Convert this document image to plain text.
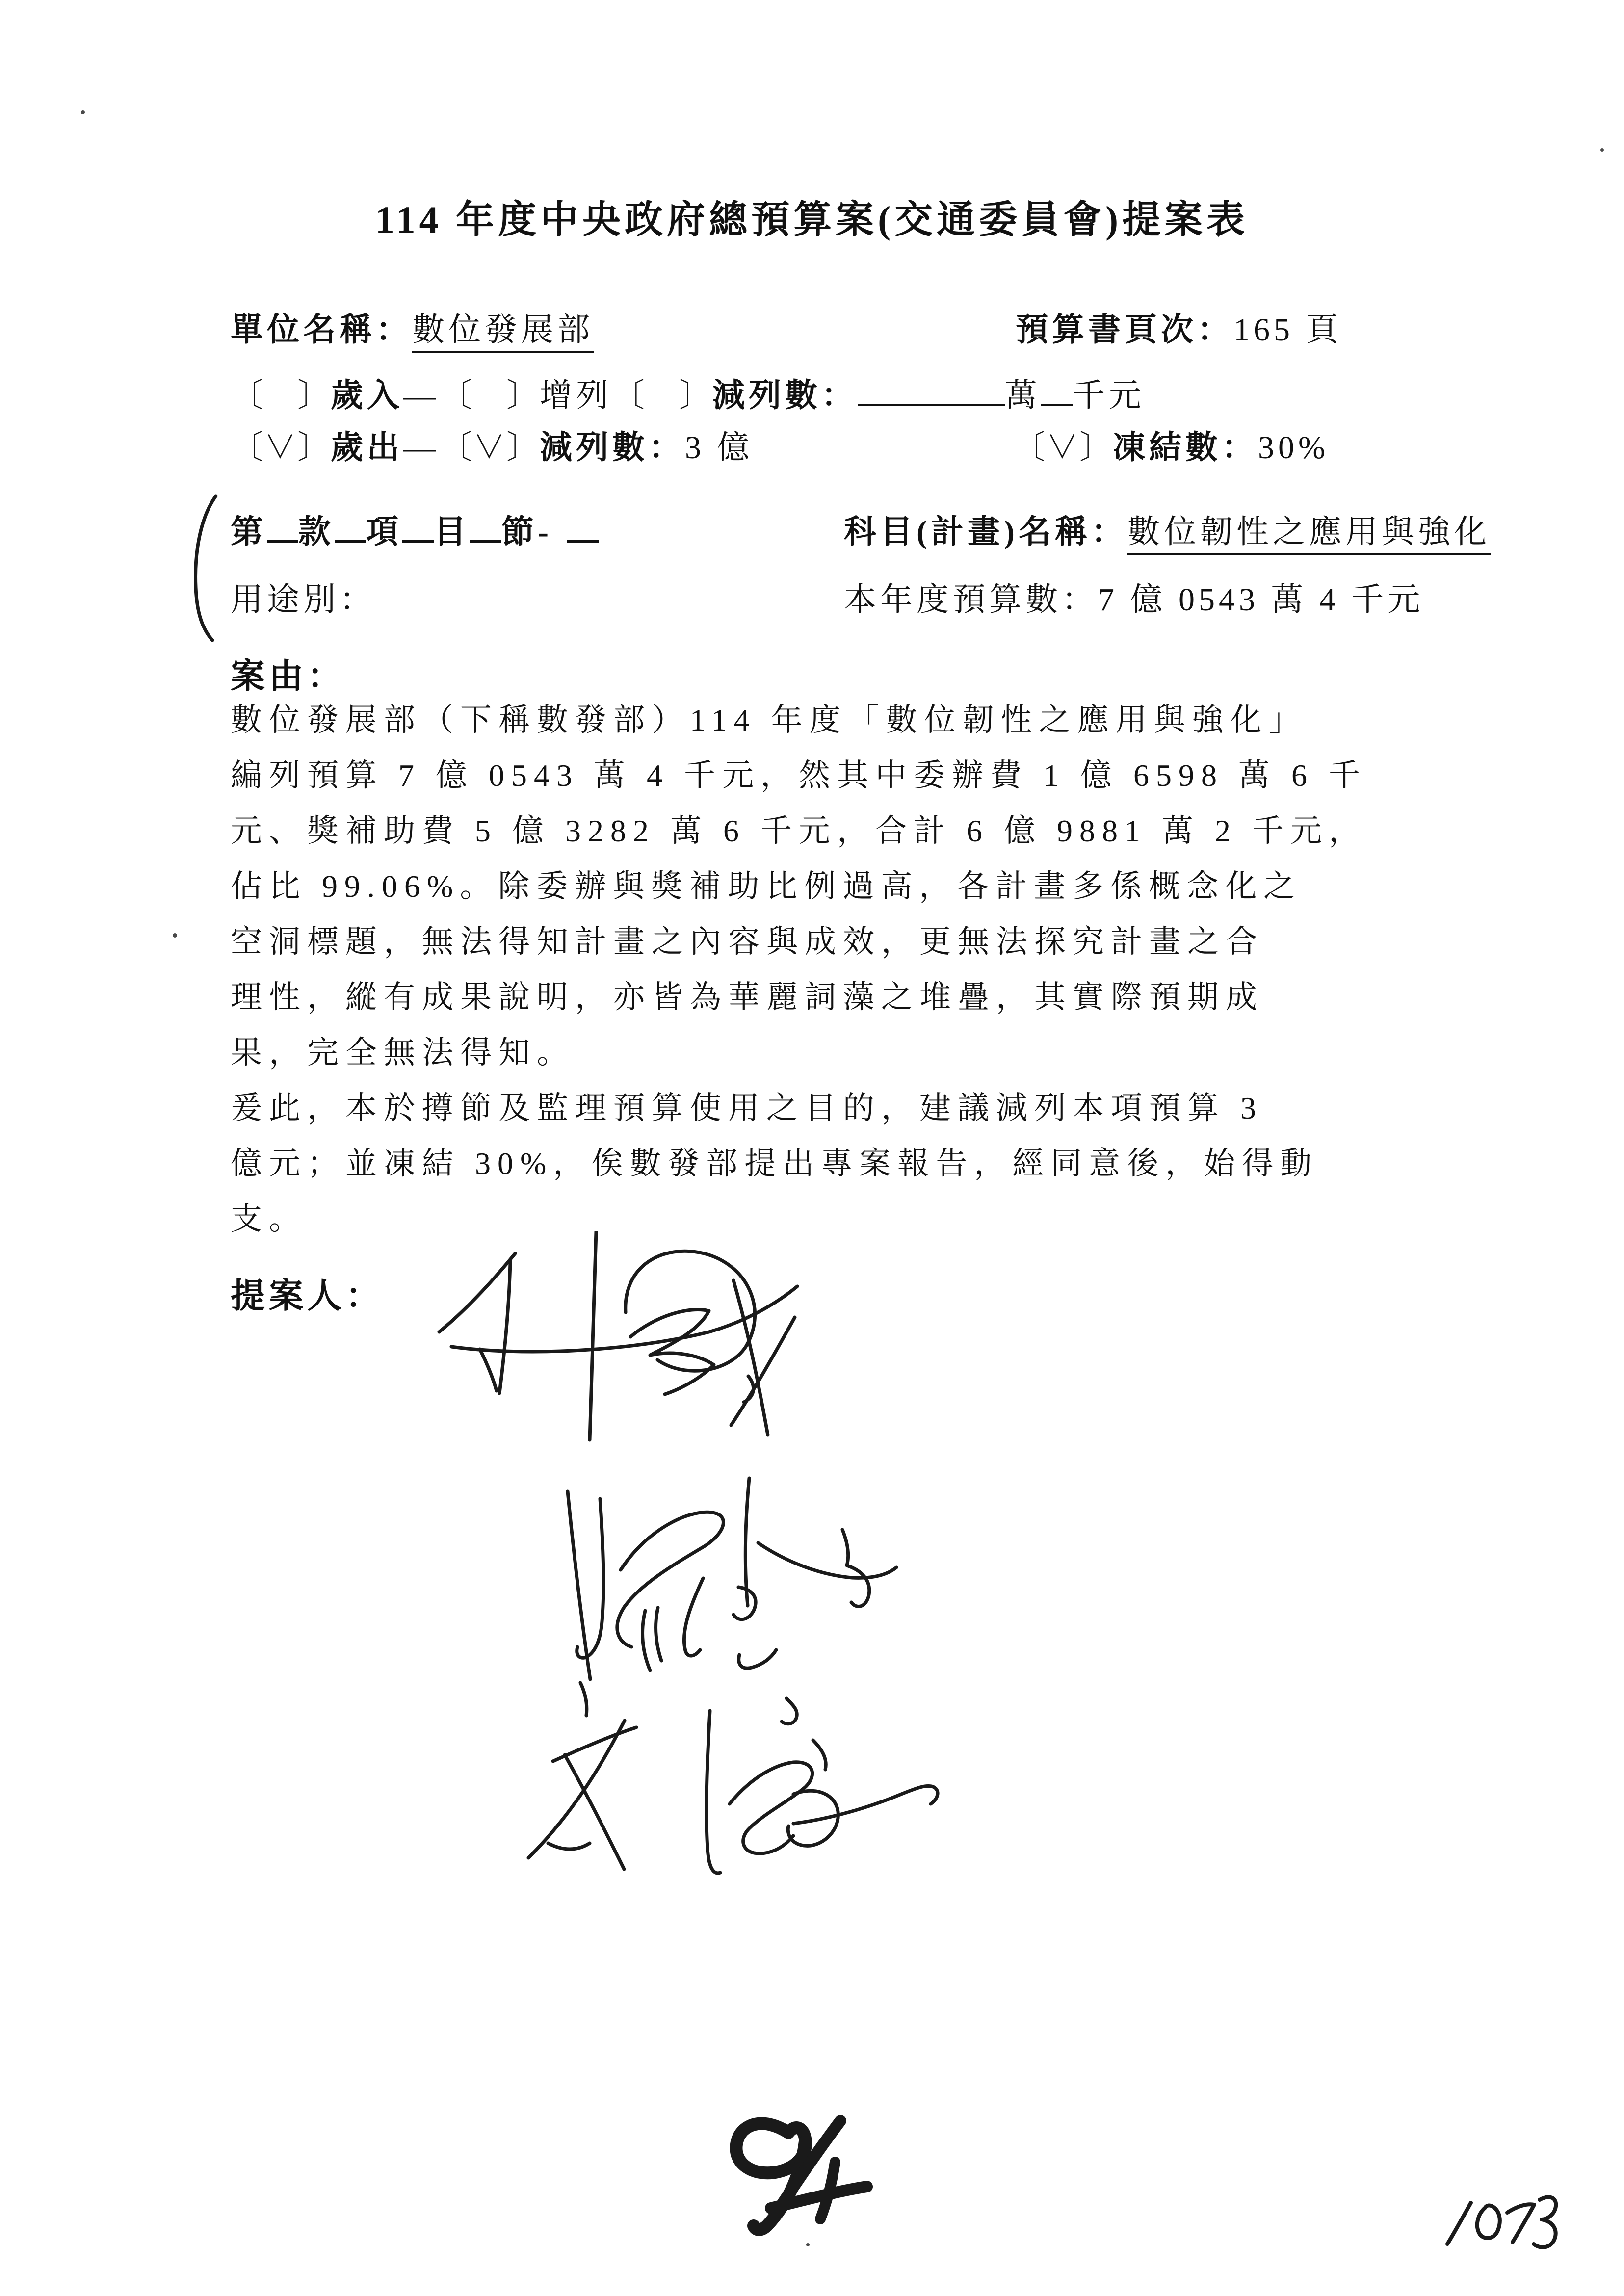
114 年度中央政府總預算案(交通委員會)提案表
單位名稱：數位發展部	預算書頁次：165 頁
〔　〕歲入—〔　〕增列〔　〕減列數：	萬 千元
〔∨〕歲出—〔∨〕減列數：3 億	〔∨〕凍結數：30%
第 款 項 目 節-	科目(計畫)名稱：數位韌性之應用與強化
用途別：	本年度預算數：7 億 0543 萬 4 千元
案由：
數位發展部（下稱數發部）114 年度「數位韌性之應用與強化」
編列預算 7 億 0543 萬 4 千元，然其中委辦費 1 億 6598 萬 6 千
元、獎補助費 5 億 3282 萬 6 千元，合計 6 億 9881 萬 2 千元，
佔比 99.06%。除委辦與獎補助比例過高，各計畫多係概念化之
空洞標題，無法得知計畫之內容與成效，更無法探究計畫之合
理性，縱有成果說明，亦皆為華麗詞藻之堆疊，其實際預期成
果，完全無法得知。
爰此，本於撙節及監理預算使用之目的，建議減列本項預算 3
億元；並凍結 30%，俟數發部提出專案報告，經同意後，始得動
支。
提案人：
